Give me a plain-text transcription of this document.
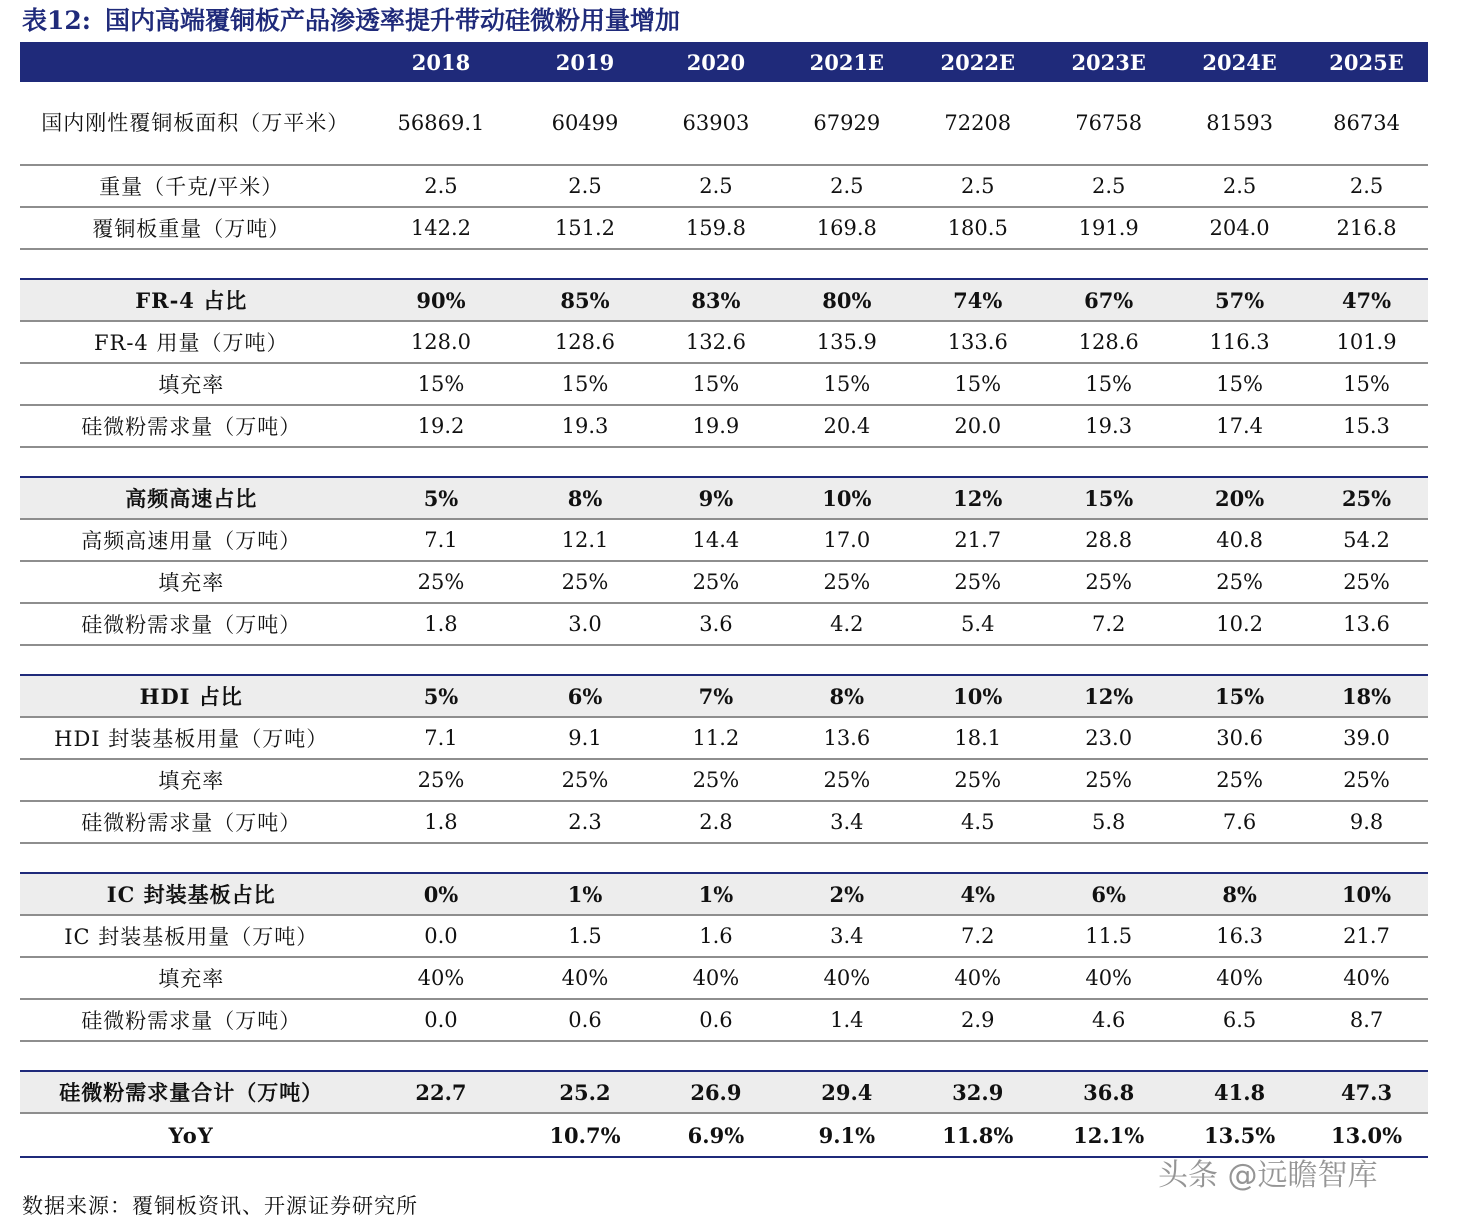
表12: 国内高端覆铜板产品渗透率提升带动硅微粉用量增加
	2018	2019	2020	2021E	2022E	2023E	2024E	2025E
国内刚性覆铜板面积（万平米）	56869.1	60499	63903	67929	72208	76758	81593	86734
重量（千克/平米）	2.5	2.5	2.5	2.5	2.5	2.5	2.5	2.5
覆铜板重量（万吨）	142.2	151.2	159.8	169.8	180.5	191.9	204.0	216.8

FR-4 占比	90%	85%	83%	80%	74%	67%	57%	47%
FR-4 用量（万吨）	128.0	128.6	132.6	135.9	133.6	128.6	116.3	101.9
填充率	15%	15%	15%	15%	15%	15%	15%	15%
硅微粉需求量（万吨）	19.2	19.3	19.9	20.4	20.0	19.3	17.4	15.3

高频高速占比	5%	8%	9%	10%	12%	15%	20%	25%
高频高速用量（万吨）	7.1	12.1	14.4	17.0	21.7	28.8	40.8	54.2
填充率	25%	25%	25%	25%	25%	25%	25%	25%
硅微粉需求量（万吨）	1.8	3.0	3.6	4.2	5.4	7.2	10.2	13.6

HDI 占比	5%	6%	7%	8%	10%	12%	15%	18%
HDI 封装基板用量（万吨）	7.1	9.1	11.2	13.6	18.1	23.0	30.6	39.0
填充率	25%	25%	25%	25%	25%	25%	25%	25%
硅微粉需求量（万吨）	1.8	2.3	2.8	3.4	4.5	5.8	7.6	9.8

IC 封装基板占比	0%	1%	1%	2%	4%	6%	8%	10%
IC 封装基板用量（万吨）	0.0	1.5	1.6	3.4	7.2	11.5	16.3	21.7
填充率	40%	40%	40%	40%	40%	40%	40%	40%
硅微粉需求量（万吨）	0.0	0.6	0.6	1.4	2.9	4.6	6.5	8.7

硅微粉需求量合计（万吨）	22.7	25.2	26.9	29.4	32.9	36.8	41.8	47.3
YoY		10.7%	6.9%	9.1%	11.8%	12.1%	13.5%	13.0%
头条 @远瞻智库
数据来源：覆铜板资讯、开源证券研究所
